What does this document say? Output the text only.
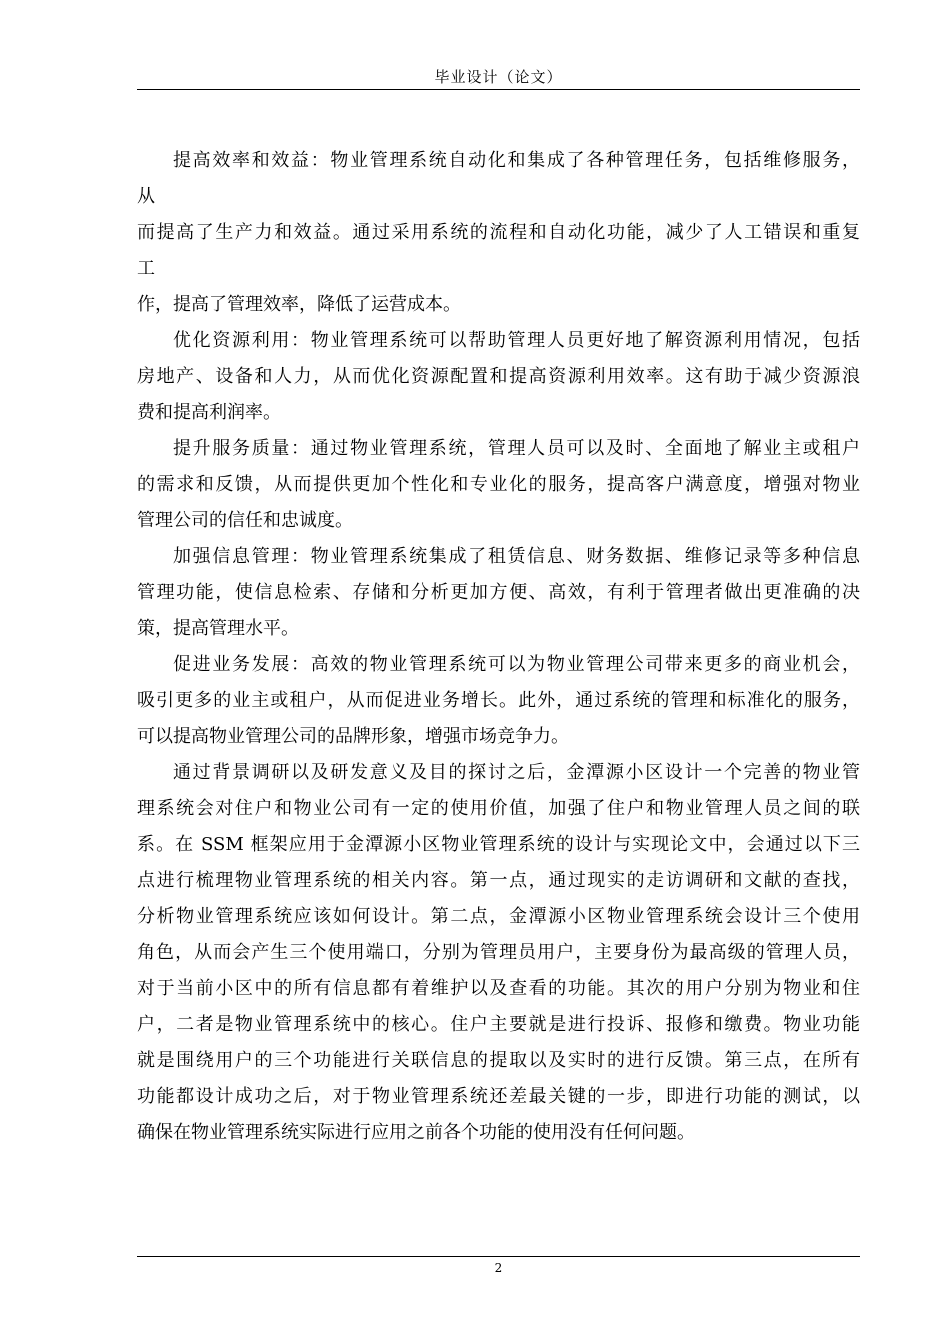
毕业设计（论文）
提高效率和效益：物业管理系统自动化和集成了各种管理任务，包括维修服务，
从
而提高了生产力和效益。通过采用系统的流程和自动化功能，减少了人工错误和重复
工
作，提高了管理效率，降低了运营成本。
优化资源利用：物业管理系统可以帮助管理人员更好地了解资源利用情况，包括
房地产、设备和人力，从而优化资源配置和提高资源利用效率。这有助于减少资源浪
费和提高利润率。
提升服务质量：通过物业管理系统，管理人员可以及时、全面地了解业主或租户
的需求和反馈，从而提供更加个性化和专业化的服务，提高客户满意度，增强对物业
管理公司的信任和忠诚度。
加强信息管理：物业管理系统集成了租赁信息、财务数据、维修记录等多种信息
管理功能，使信息检索、存储和分析更加方便、高效，有利于管理者做出更准确的决
策，提高管理水平。
促进业务发展：高效的物业管理系统可以为物业管理公司带来更多的商业机会，
吸引更多的业主或租户，从而促进业务增长。此外，通过系统的管理和标准化的服务，
可以提高物业管理公司的品牌形象，增强市场竞争力。
通过背景调研以及研发意义及目的探讨之后，金潭源小区设计一个完善的物业管
理系统会对住户和物业公司有一定的使用价值，加强了住户和物业管理人员之间的联
系。在 SSM 框架应用于金潭源小区物业管理系统的设计与实现论文中，会通过以下三
点进行梳理物业管理系统的相关内容。第一点，通过现实的走访调研和文献的查找，
分析物业管理系统应该如何设计。第二点，金潭源小区物业管理系统会设计三个使用
角色，从而会产生三个使用端口，分别为管理员用户，主要身份为最高级的管理人员，
对于当前小区中的所有信息都有着维护以及查看的功能。其次的用户分别为物业和住
户，二者是物业管理系统中的核心。住户主要就是进行投诉、报修和缴费。物业功能
就是围绕用户的三个功能进行关联信息的提取以及实时的进行反馈。第三点，在所有
功能都设计成功之后，对于物业管理系统还差最关键的一步，即进行功能的测试，以
确保在物业管理系统实际进行应用之前各个功能的使用没有任何问题。
2
